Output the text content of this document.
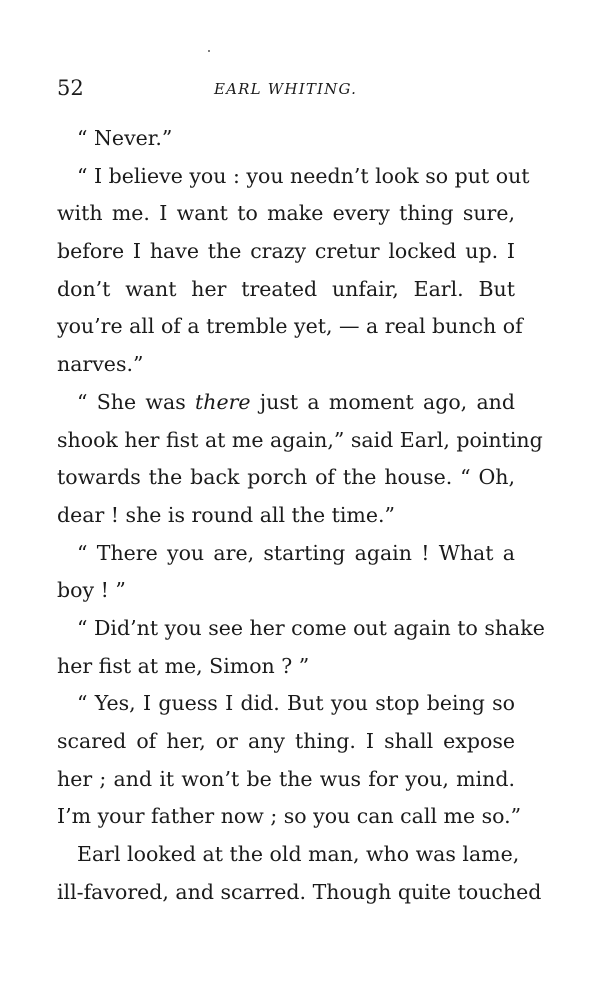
52	EARL WHITING.
“ Never.”
“ I believe you : you needn’t look so put out
with me. I want to make every thing sure,
before I have the crazy cretur locked up. I
don’t want her treated unfair, Earl. But
you’re all of a tremble yet, — a real bunch of
narves.”
“ She was there just a moment ago, and
shook her fist at me again,” said Earl, pointing
towards the back porch of the house. “ Oh,
dear ! she is round all the time.”
“ There you are, starting again ! What a
boy ! ”
“ Did’nt you see her come out again to shake
her fist at me, Simon ? ”
“ Yes, I guess I did. But you stop being so
scared of her, or any thing. I shall expose
her ; and it won’t be the wus for you, mind.
I’m your father now ; so you can call me so.”
Earl looked at the old man, who was lame,
ill-favored, and scarred. Though quite touched
